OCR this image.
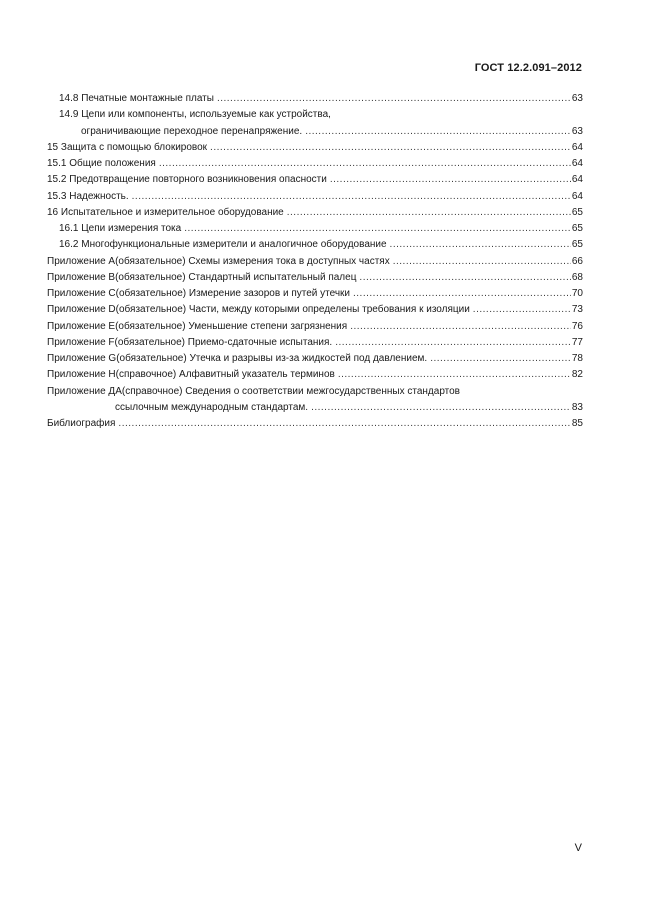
ГОСТ 12.2.091–2012
14.8 Печатные монтажные платы .....	63
14.9 Цепи или компоненты, используемые как устройства,
ограничивающие переходное перенапряжение. .....	63
15 Защита с помощью блокировок .....	64
15.1 Общие положения .....	64
15.2 Предотвращение повторного возникновения опасности .....	64
15.3 Надежность. .....	64
16 Испытательное и измерительное оборудование .....	65
16.1 Цепи измерения тока .....	65
16.2 Многофункциональные измерители и аналогичное оборудование .....	65
Приложение А(обязательное) Схемы измерения тока в доступных частях .....	66
Приложение В(обязательное) Стандартный испытательный палец .....	68
Приложение С(обязательное) Измерение зазоров и путей утечки .....	70
Приложение D(обязательное) Части, между которыми определены требования к изоляции .....	73
Приложение Е(обязательное) Уменьшение степени загрязнения .....	76
Приложение F(обязательное) Приемо-сдаточные испытания. .....	77
Приложение G(обязательное) Утечка и разрывы из-за жидкостей под давлением. .....	78
Приложение H(справочное) Алфавитный указатель терминов .....	82
Приложение ДА(справочное) Сведения о соответствии межгосударственных стандартов
ссылочным международным стандартам. .....	83
Библиография .....	85
V
